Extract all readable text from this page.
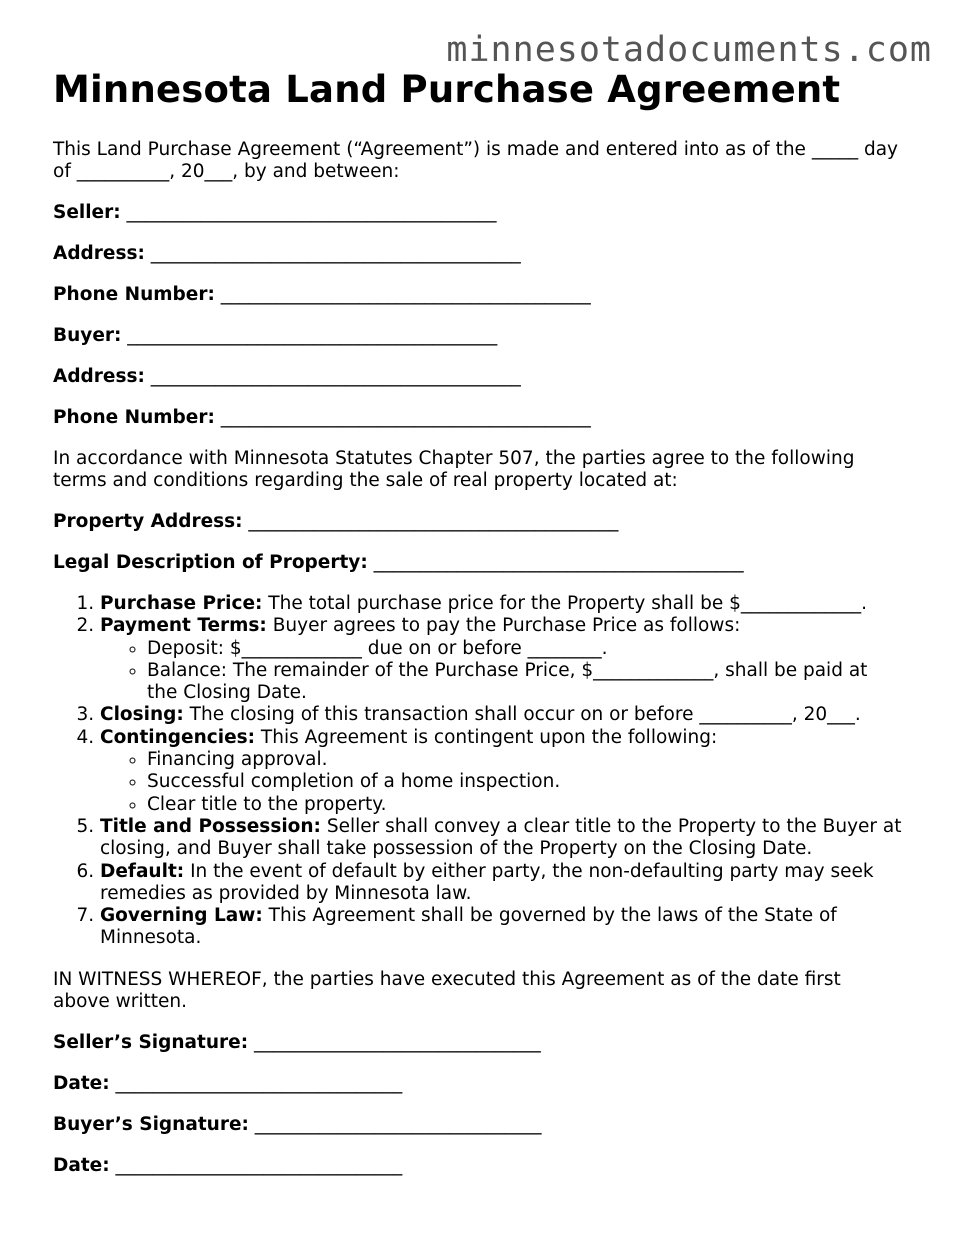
minnesotadocuments.com
Minnesota Land Purchase Agreement

This Land Purchase Agreement (“Agreement”) is made and entered into as of the _____ day of __________, 20___, by and between:

Seller: ________________________________________

Address: ________________________________________

Phone Number: ________________________________________

Buyer: ________________________________________

Address: ________________________________________

Phone Number: ________________________________________

In accordance with Minnesota Statutes Chapter 507, the parties agree to the following terms and conditions regarding the sale of real property located at:

Property Address: ________________________________________

Legal Description of Property: ________________________________________

1. Purchase Price: The total purchase price for the Property shall be $_____________.
2. Payment Terms: Buyer agrees to pay the Purchase Price as follows:
◦ Deposit: $_____________ due on or before ________.
◦ Balance: The remainder of the Purchase Price, $_____________, shall be paid at the Closing Date.
3. Closing: The closing of this transaction shall occur on or before __________, 20___.
4. Contingencies: This Agreement is contingent upon the following:
◦ Financing approval.
◦ Successful completion of a home inspection.
◦ Clear title to the property.
5. Title and Possession: Seller shall convey a clear title to the Property to the Buyer at closing, and Buyer shall take possession of the Property on the Closing Date.
6. Default: In the event of default by either party, the non-defaulting party may seek remedies as provided by Minnesota law.
7. Governing Law: This Agreement shall be governed by the laws of the State of Minnesota.

IN WITNESS WHEREOF, the parties have executed this Agreement as of the date first above written.

Seller’s Signature: _______________________________

Date: _______________________________

Buyer’s Signature: _______________________________

Date: _______________________________
